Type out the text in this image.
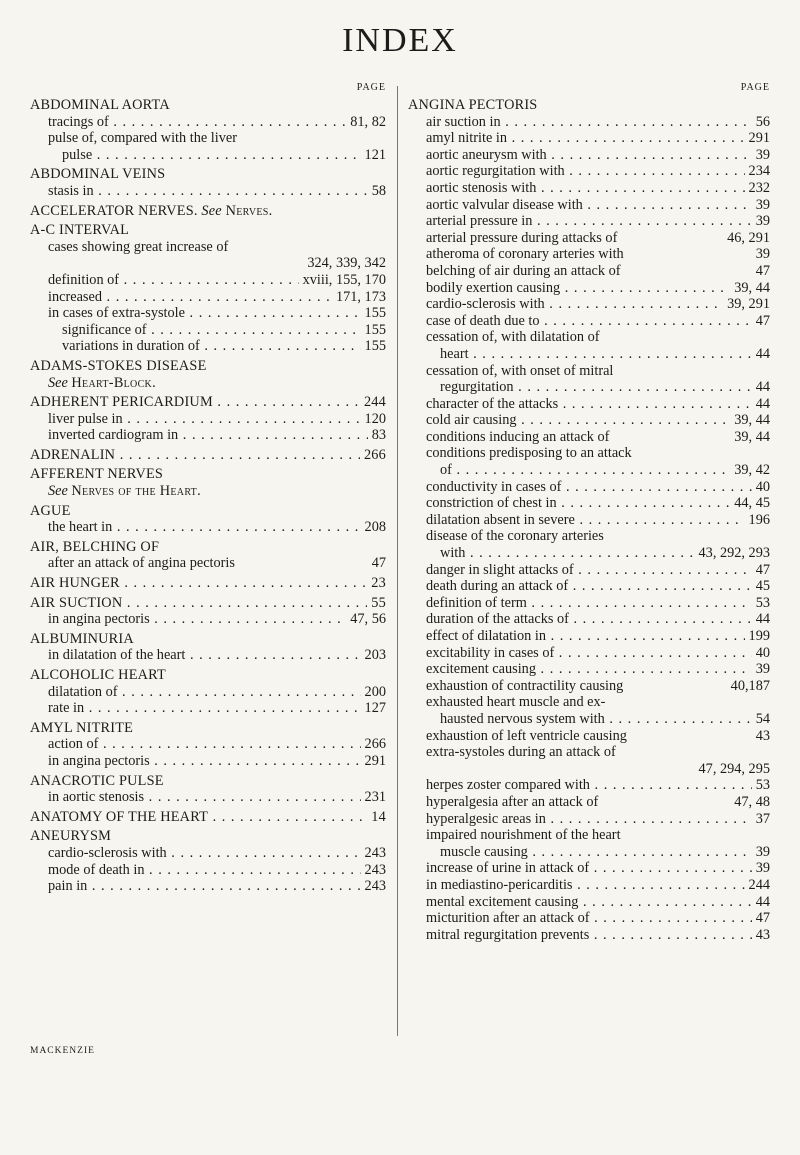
INDEX
PAGE
ABDOMINAL AORTA
tracings of . . .	81, 82
pulse of, compared with the liver
pulse . . .	121
ABDOMINAL VEINS
stasis in . . .	58
ACCELERATOR NERVES. See Nerves.
A-C INTERVAL
cases showing great increase of
324, 339, 342
definition of . . .	xviii, 155, 170
increased . . .	171, 173
in cases of extra-systole . . .	155
significance of . . .	155
variations in duration of . . .	155
ADAMS-STOKES DISEASE
See Heart-Block.
ADHERENT PERICARDIUM . . .	244
liver pulse in . . .	120
inverted cardiogram in . . .	83
ADRENALIN . . .	266
AFFERENT NERVES
See Nerves of the Heart.
AGUE
the heart in . . .	208
AIR, BELCHING OF
after an attack of angina pectoris	47
AIR HUNGER . . .	23
AIR SUCTION . . .	55
in angina pectoris . . .	47, 56
ALBUMINURIA
in dilatation of the heart . . .	203
ALCOHOLIC HEART
dilatation of . . .	200
rate in . . .	127
AMYL NITRITE
action of . . .	266
in angina pectoris . . .	291
ANACROTIC PULSE
in aortic stenosis . . .	231
ANATOMY OF THE HEART . . .	14
ANEURYSM
cardio-sclerosis with . . .	243
mode of death in . . .	243
pain in . . .	243
PAGE
ANGINA PECTORIS
air suction in . . .	56
amyl nitrite in . . .	291
aortic aneurysm with . . .	39
aortic regurgitation with . . .	234
aortic stenosis with . . .	232
aortic valvular disease with . . .	39
arterial pressure in . . .	39
arterial pressure during attacks of	46, 291
atheroma of coronary arteries with	39
belching of air during an attack of	47
bodily exertion causing . . .	39, 44
cardio-sclerosis with . . .	39, 291
case of death due to . . .	47
cessation of, with dilatation of
heart . . .	44
cessation of, with onset of mitral
regurgitation . . .	44
character of the attacks . . .	44
cold air causing . . .	39, 44
conditions inducing an attack of	39, 44
conditions predisposing to an attack
of . . .	39, 42
conductivity in cases of . . .	40
constriction of chest in . . .	44, 45
dilatation absent in severe . . .	196
disease of the coronary arteries
with . . .	43, 292, 293
danger in slight attacks of . . .	47
death during an attack of . . .	45
definition of term . . .	53
duration of the attacks of . . .	44
effect of dilatation in . . .	199
excitability in cases of . . .	40
excitement causing . . .	39
exhaustion of contractility causing	40,187
exhausted heart muscle and ex-
hausted nervous system with . . .	54
exhaustion of left ventricle causing	43
extra-systoles during an attack of
47, 294, 295
herpes zoster compared with . . .	53
hyperalgesia after an attack of	47, 48
hyperalgesic areas in . . .	37
impaired nourishment of the heart
muscle causing . . .	39
increase of urine in attack of . . .	39
in mediastino-pericarditis . . .	244
mental excitement causing . . .	44
micturition after an attack of . . .	47
mitral regurgitation prevents . . .	43
MACKENZIE
